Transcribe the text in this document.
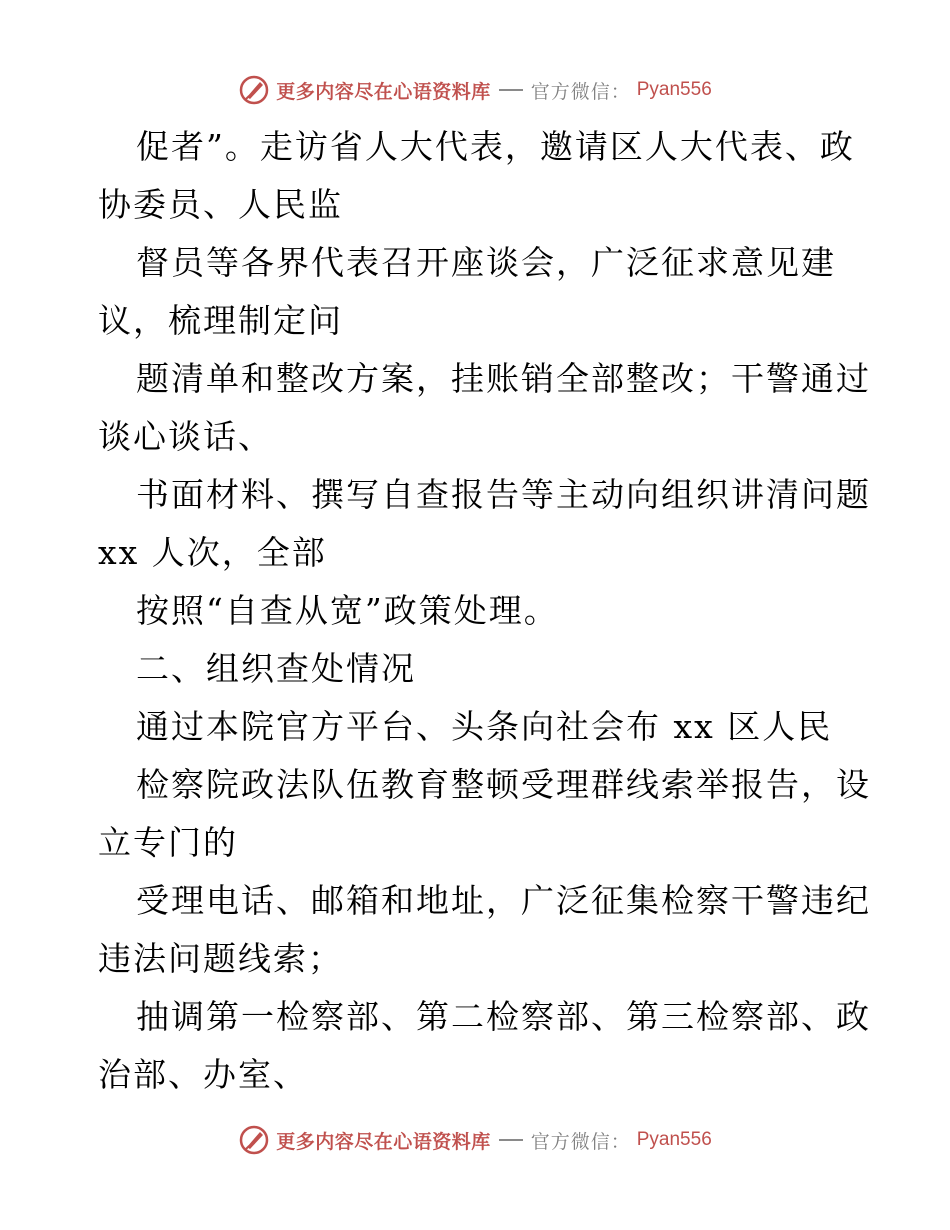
更多内容尽在心语资料库 官方微信： Pyan556
促者”。走访省人大代表，邀请区人大代表、政
协委员、人民监
督员等各界代表召开座谈会，广泛征求意见建
议，梳理制定问
题清单和整改方案，挂账销全部整改；干警通过
谈心谈话、
书面材料、撰写自查报告等主动向组织讲清问题
xx 人次，全部
按照“自查从宽”政策处理。
二、组织查处情况
通过本院官方平台、头条向社会布 xx 区人民
检察院政法队伍教育整顿受理群线索举报告，设
立专门的
受理电话、邮箱和地址，广泛征集检察干警违纪
违法问题线索；
抽调第一检察部、第二检察部、第三检察部、政
治部、办室、
更多内容尽在心语资料库 官方微信： Pyan556
